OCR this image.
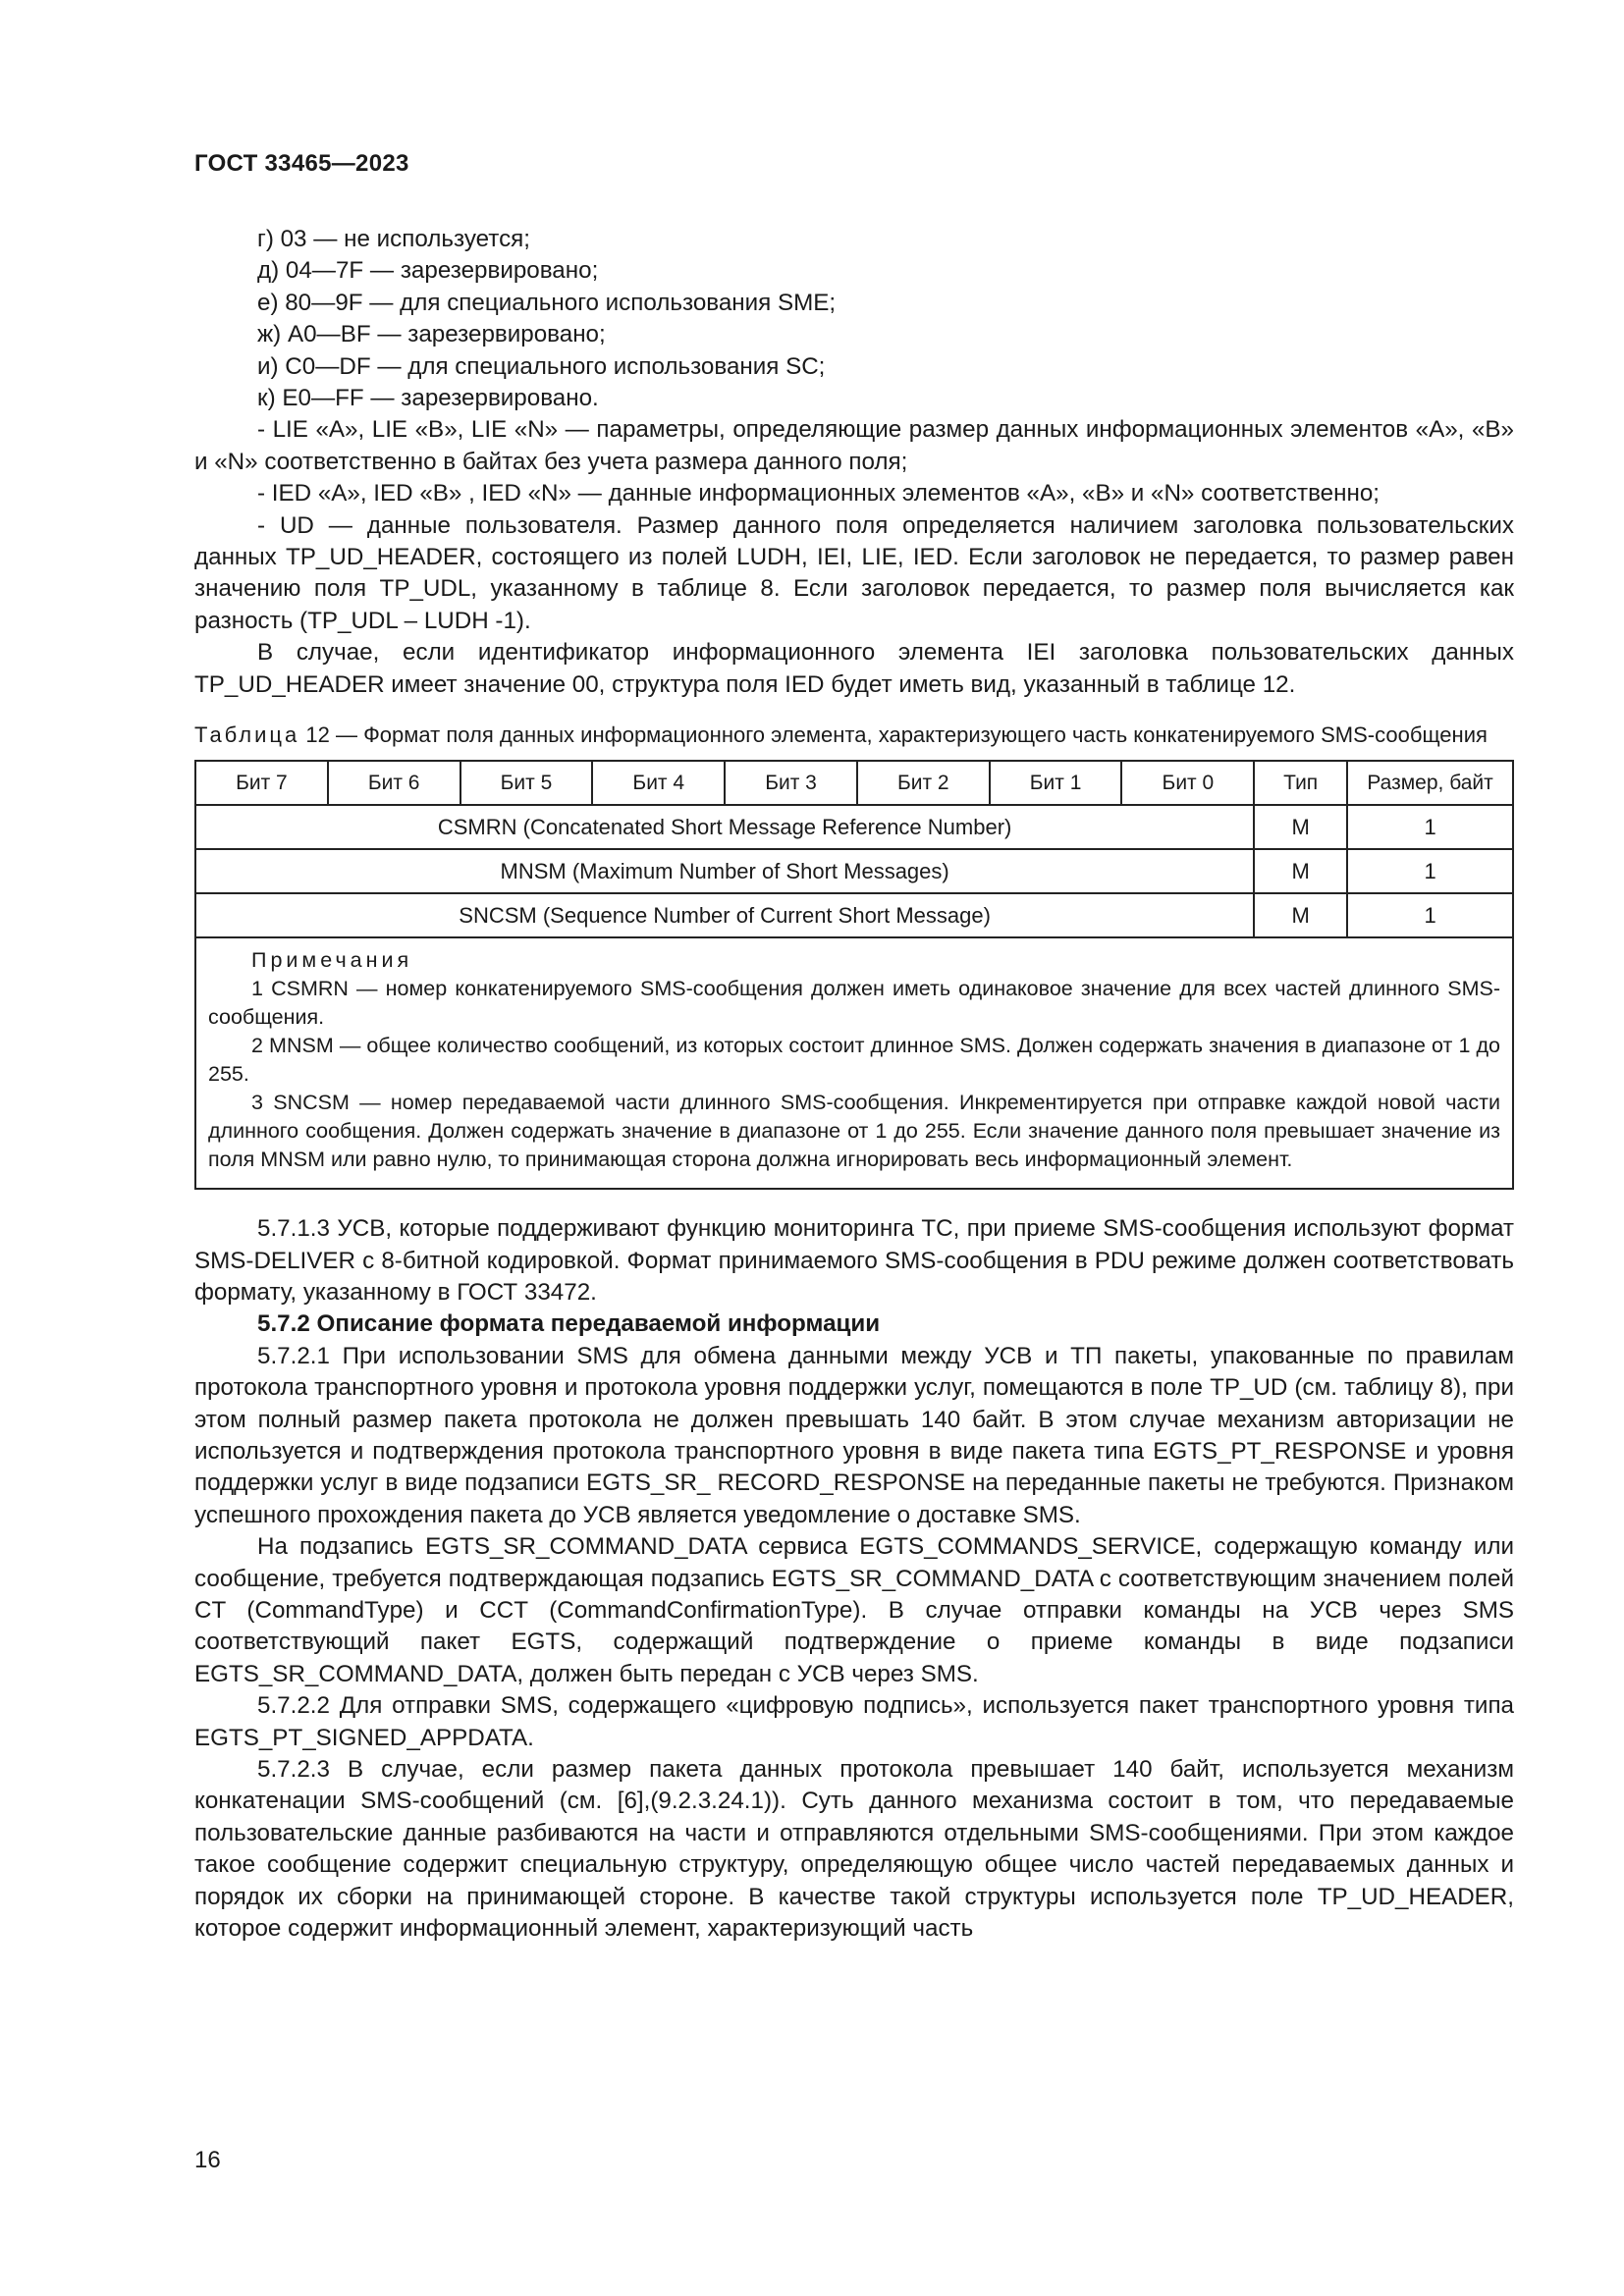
ГОСТ 33465—2023
г) 03 — не используется;
д) 04—7F — зарезервировано;
е) 80—9F — для специального использования SME;
ж) A0—BF — зарезервировано;
и) C0—DF — для специального использования SC;
к) E0—FF — зарезервировано.

- LIE «A», LIE «B», LIE «N» — параметры, определяющие размер данных информационных элементов «A», «B» и «N» соответственно в байтах без учета размера данного поля;

- IED «A», IED «B» , IED «N» — данные информационных элементов «A», «B» и «N» соответственно;

- UD — данные пользователя. Размер данного поля определяется наличием заголовка пользовательских данных TP_UD_HEADER, состоящего из полей LUDH, IEI, LIE, IED. Если заголовок не передается, то размер равен значению поля TP_UDL, указанному в таблице 8. Если заголовок передается, то размер поля вычисляется как разность (TP_UDL – LUDH -1).

В случае, если идентификатор информационного элемента IEI заголовка пользовательских данных TP_UD_HEADER имеет значение 00, структура поля IED будет иметь вид, указанный в таблице 12.

Таблица 12 — Формат поля данных информационного элемента, характеризующего часть конкатенируемого SMS-сообщения
Бит 7	Бит 6	Бит 5	Бит 4	Бит 3	Бит 2	Бит 1	Бит 0	Тип	Размер, байт
CSMRN (Concatenated Short Message Reference Number)								M	1
MNSM (Maximum Number of Short Messages)								M	1
SNCSM (Sequence Number of Current Short Message)								M	1

Примечания
1 CSMRN — номер конкатенируемого SMS-сообщения должен иметь одинаковое значение для всех частей длинного SMS-сообщения.
2 MNSM — общее количество сообщений, из которых состоит длинное SMS. Должен содержать значения в диапазоне от 1 до 255.
3 SNCSM — номер передаваемой части длинного SMS-сообщения. Инкрементируется при отправке каждой новой части длинного сообщения. Должен содержать значение в диапазоне от 1 до 255. Если значение данного поля превышает значение из поля MNSM или равно нулю, то принимающая сторона должна игнорировать весь информационный элемент.									

5.7.1.3 УСВ, которые поддерживают функцию мониторинга ТС, при приеме SMS-сообщения используют формат SMS-DELIVER с 8-битной кодировкой. Формат принимаемого SMS-сообщения в PDU режиме должен соответствовать формату, указанному в ГОСТ 33472.

5.7.2 Описание формата передаваемой информации

5.7.2.1 При использовании SMS для обмена данными между УСВ и ТП пакеты, упакованные по правилам протокола транспортного уровня и протокола уровня поддержки услуг, помещаются в поле TP_UD (см. таблицу 8), при этом полный размер пакета протокола не должен превышать 140 байт. В этом случае механизм авторизации не используется и подтверждения протокола транспортного уровня в виде пакета типа EGTS_PT_RESPONSE и уровня поддержки услуг в виде подзаписи EGTS_SR_ RECORD_RESPONSE на переданные пакеты не требуются. Признаком успешного прохождения пакета до УСВ является уведомление о доставке SMS.

На подзапись EGTS_SR_COMMAND_DATA сервиса EGTS_COMMANDS_SERVICE, содержащую команду или сообщение, требуется подтверждающая подзапись EGTS_SR_COMMAND_DATA с соответствующим значением полей CT (CommandType) и CCT (CommandConfirmationType). В случае отправки команды на УСВ через SMS соответствующий пакет EGTS, содержащий подтверждение о приеме команды в виде подзаписи EGTS_SR_COMMAND_DATA, должен быть передан с УСВ через SMS.

5.7.2.2 Для отправки SMS, содержащего «цифровую подпись», используется пакет транспортного уровня типа EGTS_PT_SIGNED_APPDATA.

5.7.2.3 В случае, если размер пакета данных протокола превышает 140 байт, используется механизм конкатенации SMS-сообщений (см. [6],(9.2.3.24.1)). Суть данного механизма состоит в том, что передаваемые пользовательские данные разбиваются на части и отправляются отдельными SMS-сообщениями. При этом каждое такое сообщение содержит специальную структуру, определяющую общее число частей передаваемых данных и порядок их сборки на принимающей стороне. В качестве такой структуры используется поле TP_UD_HEADER, которое содержит информационный элемент, характеризующий часть

16
